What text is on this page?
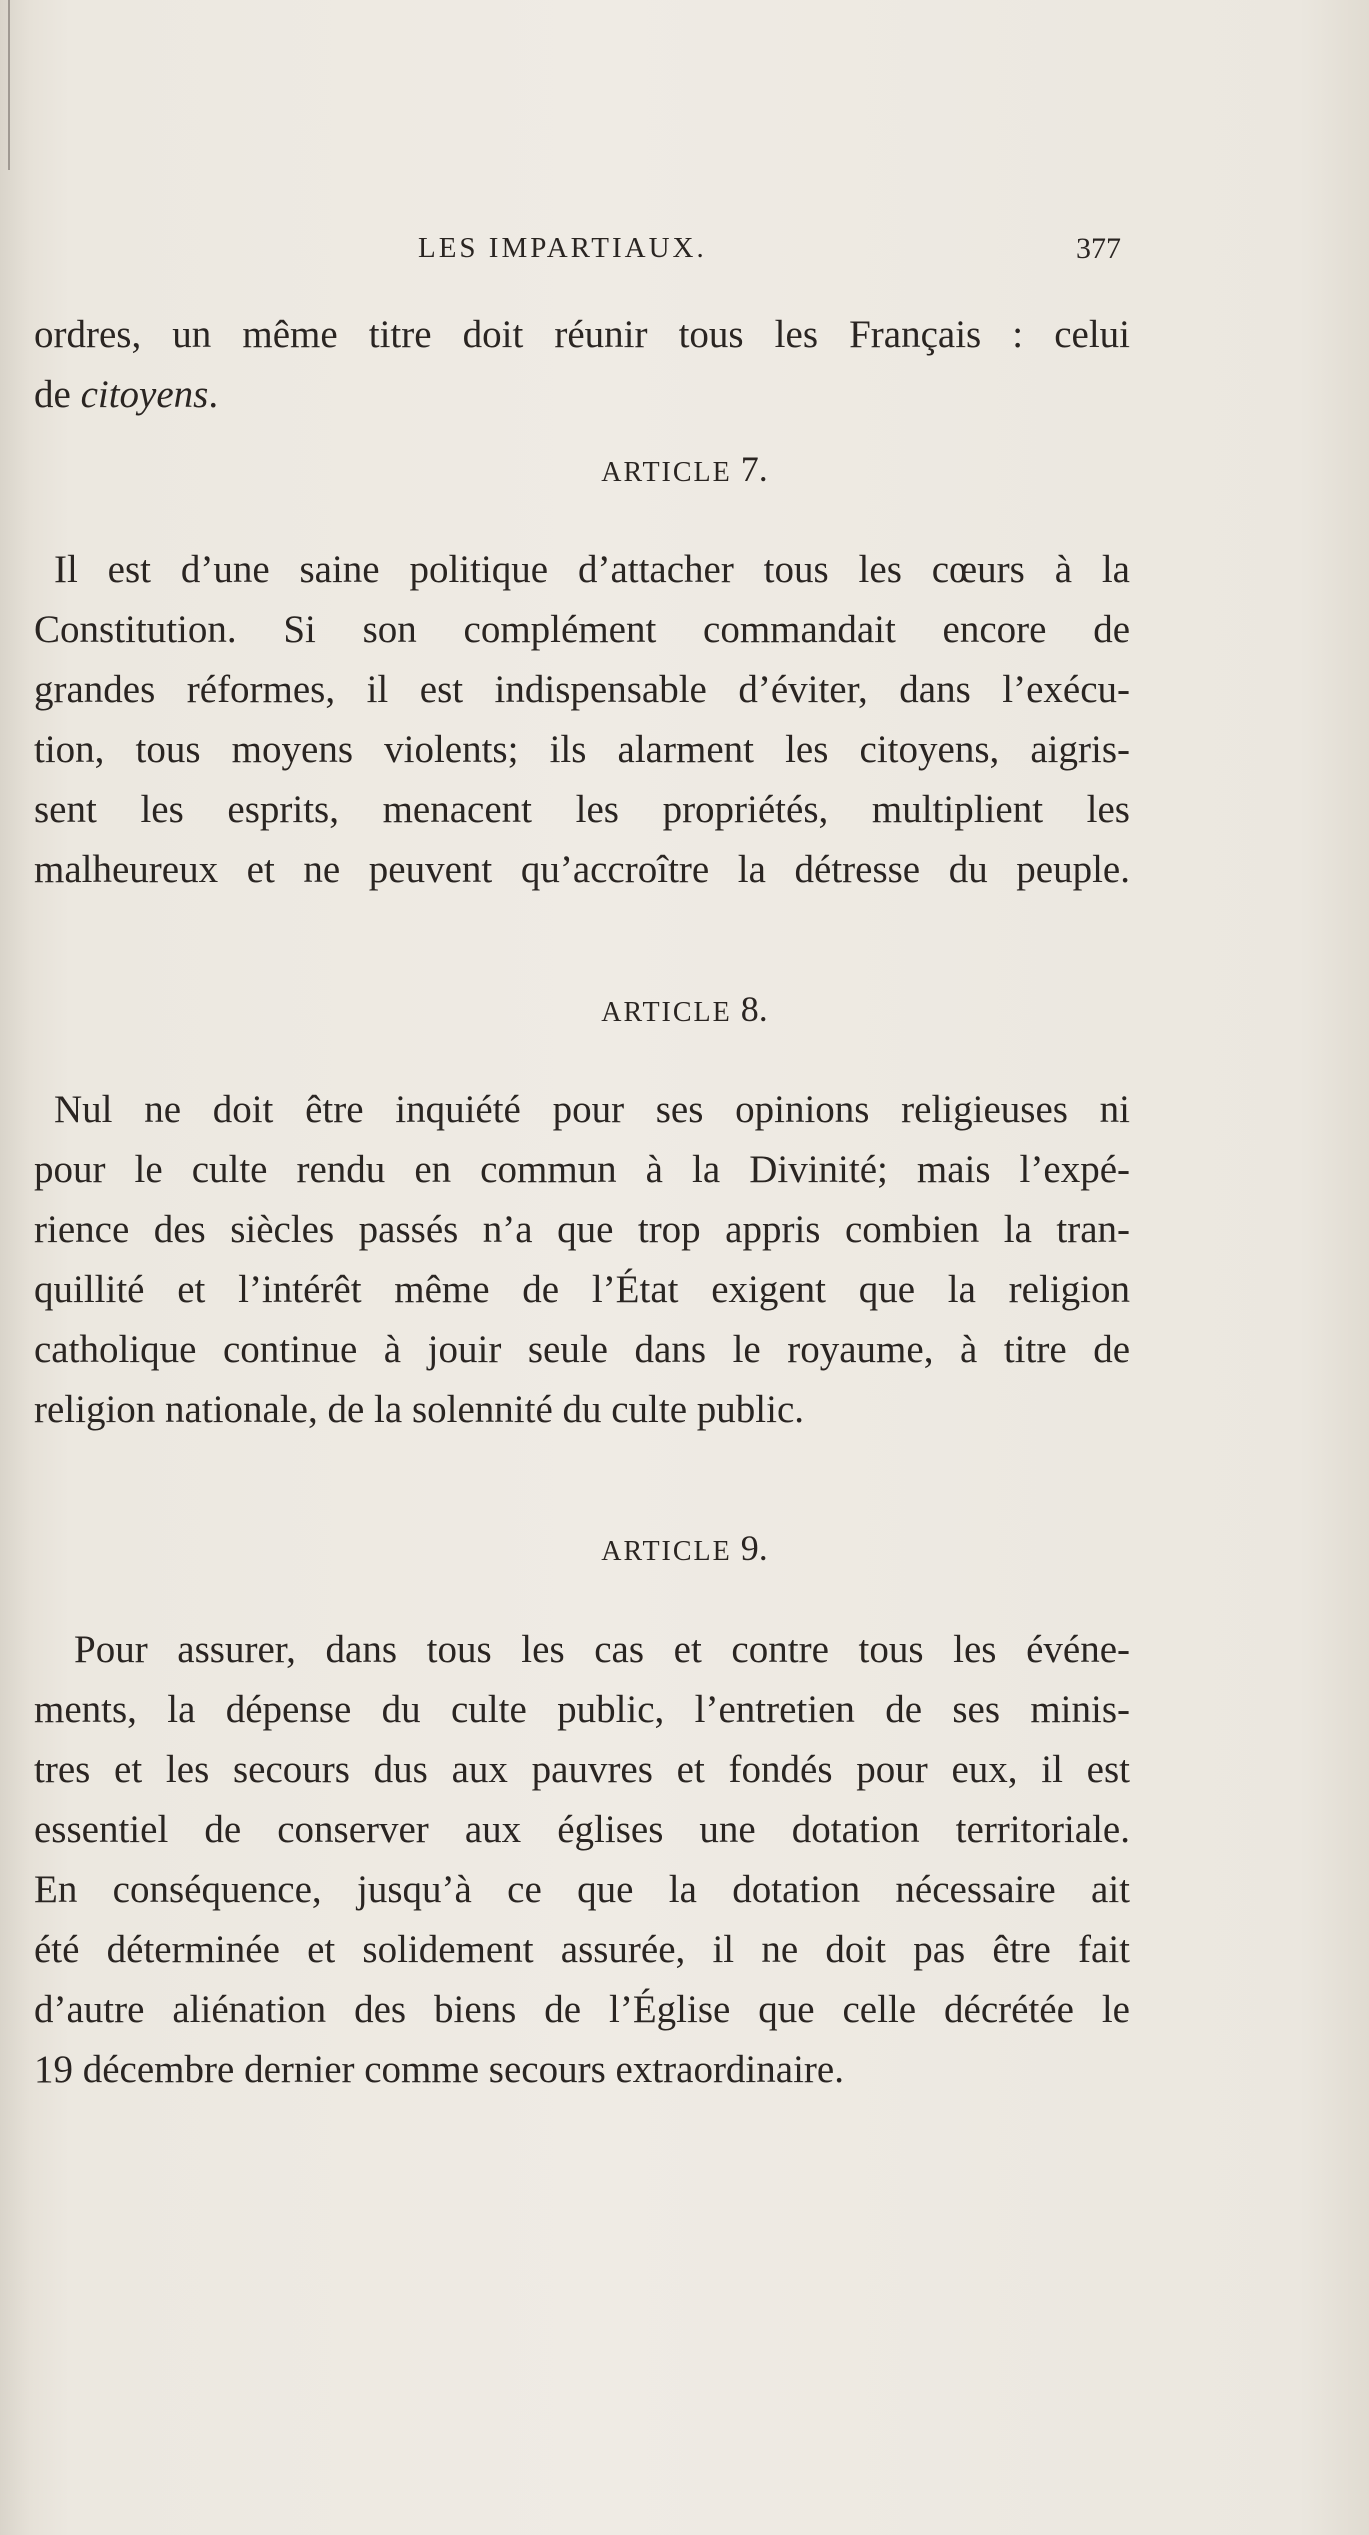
LES IMPARTIAUX.	377
ordres, un même titre doit réunir tous les Français : celui
de citoyens.
ARTICLE 7.
Il est d’une saine politique d’attacher tous les cœurs à la
Constitution. Si son complément commandait encore de
grandes réformes, il est indispensable d’éviter, dans l’exécu-
tion, tous moyens violents; ils alarment les citoyens, aigris-
sent les esprits, menacent les propriétés, multiplient les
malheureux et ne peuvent qu’accroître la détresse du peuple.
ARTICLE 8.
Nul ne doit être inquiété pour ses opinions religieuses ni
pour le culte rendu en commun à la Divinité; mais l’expé-
rience des siècles passés n’a que trop appris combien la tran-
quillité et l’intérêt même de l’État exigent que la religion
catholique continue à jouir seule dans le royaume, à titre de
religion nationale, de la solennité du culte public.
ARTICLE 9.
Pour assurer, dans tous les cas et contre tous les événe-
ments, la dépense du culte public, l’entretien de ses minis-
tres et les secours dus aux pauvres et fondés pour eux, il est
essentiel de conserver aux églises une dotation territoriale.
En conséquence, jusqu’à ce que la dotation nécessaire ait
été déterminée et solidement assurée, il ne doit pas être fait
d’autre aliénation des biens de l’Église que celle décrétée le
19 décembre dernier comme secours extraordinaire.
